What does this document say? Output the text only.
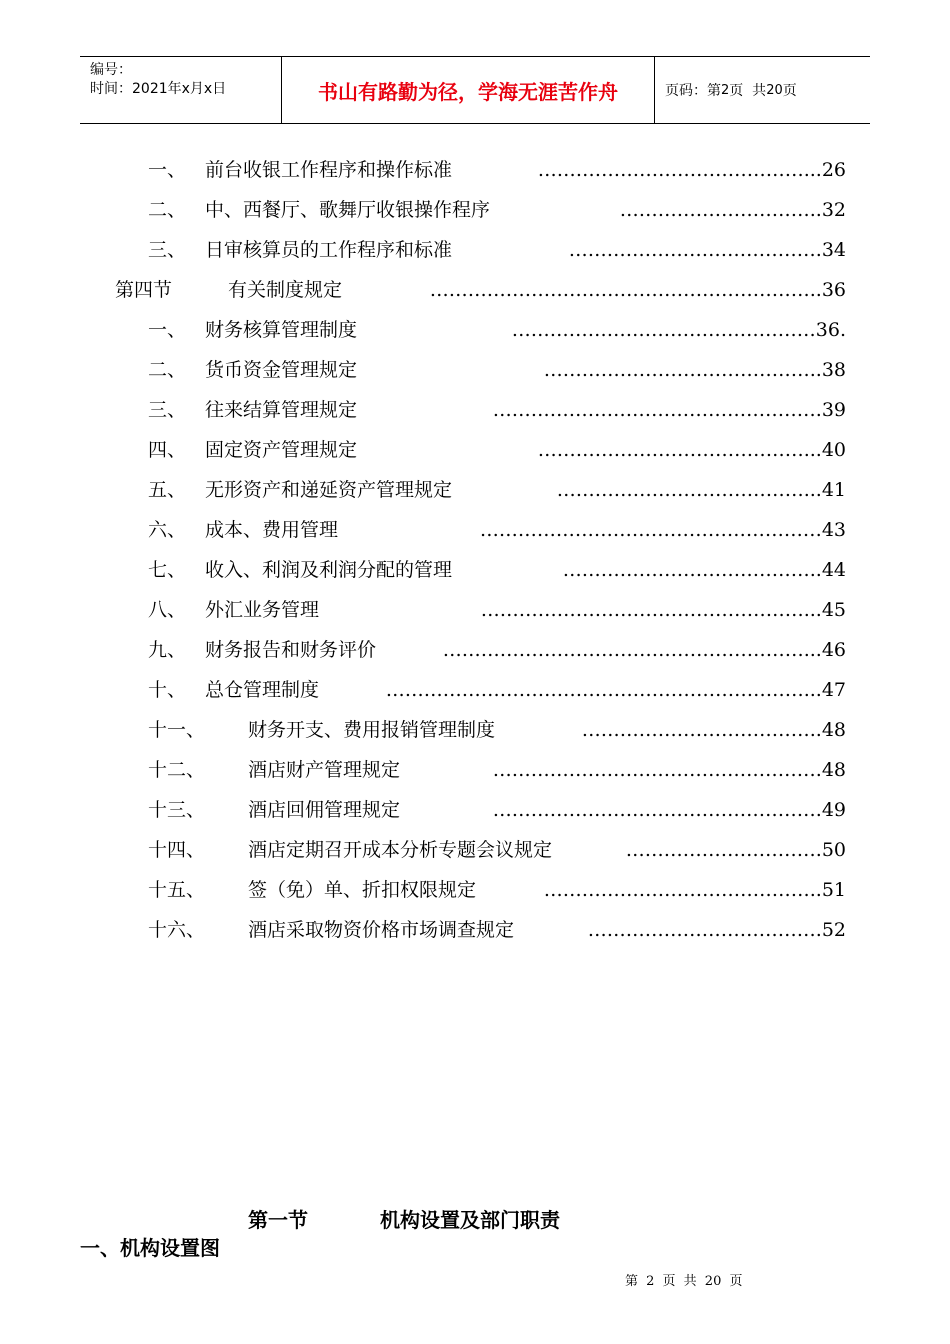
编号：
时间：2021年x月x日	书山有路勤为径，学海无涯苦作舟	页码：第 2 页  共 20 页
一、 前台收银工作程序和操作标准	……………………………………...26
二、 中、西餐厅、歌舞厅收银操作程序	…………………………..32
三、 日审核算员的工作程序和标准	………………………………….34
第四节	有关制度规定	……………………………………………………..36
一、 财务核算管理制度	…………………………………………36.
二、 货币资金管理规定	……………………………………..38
三、 往来结算管理规定	…………………………………………….39
四、 固定资产管理规定	……………………………………...40
五、 无形资产和递延资产管理规定	…………………………………...41
六、 成本、费用管理	………………………………………………43
七、 收入、利润及利润分配的管理	…………………………………..44
八、 外汇业务管理	……………………………………………...45
九、 财务报告和财务评价	…………………………………………………...46
十、 总仓管理制度	…………………………………………………………...47
十一、 财务开支、费用报销管理制度	………………………………..48
十二、 酒店财产管理规定	…………………………………………….48
十三、 酒店回佣管理规定	…………………………………………….49
十四、 酒店定期召开成本分析专题会议规定	………………………….50
十五、 签（免）单、折扣权限规定	……………………………………..51
十六、 酒店采取物资价格市场调查规定	……………………………….52
第一节	机构设置及部门职责
一、机构设置图
第 2 页 共 20 页
